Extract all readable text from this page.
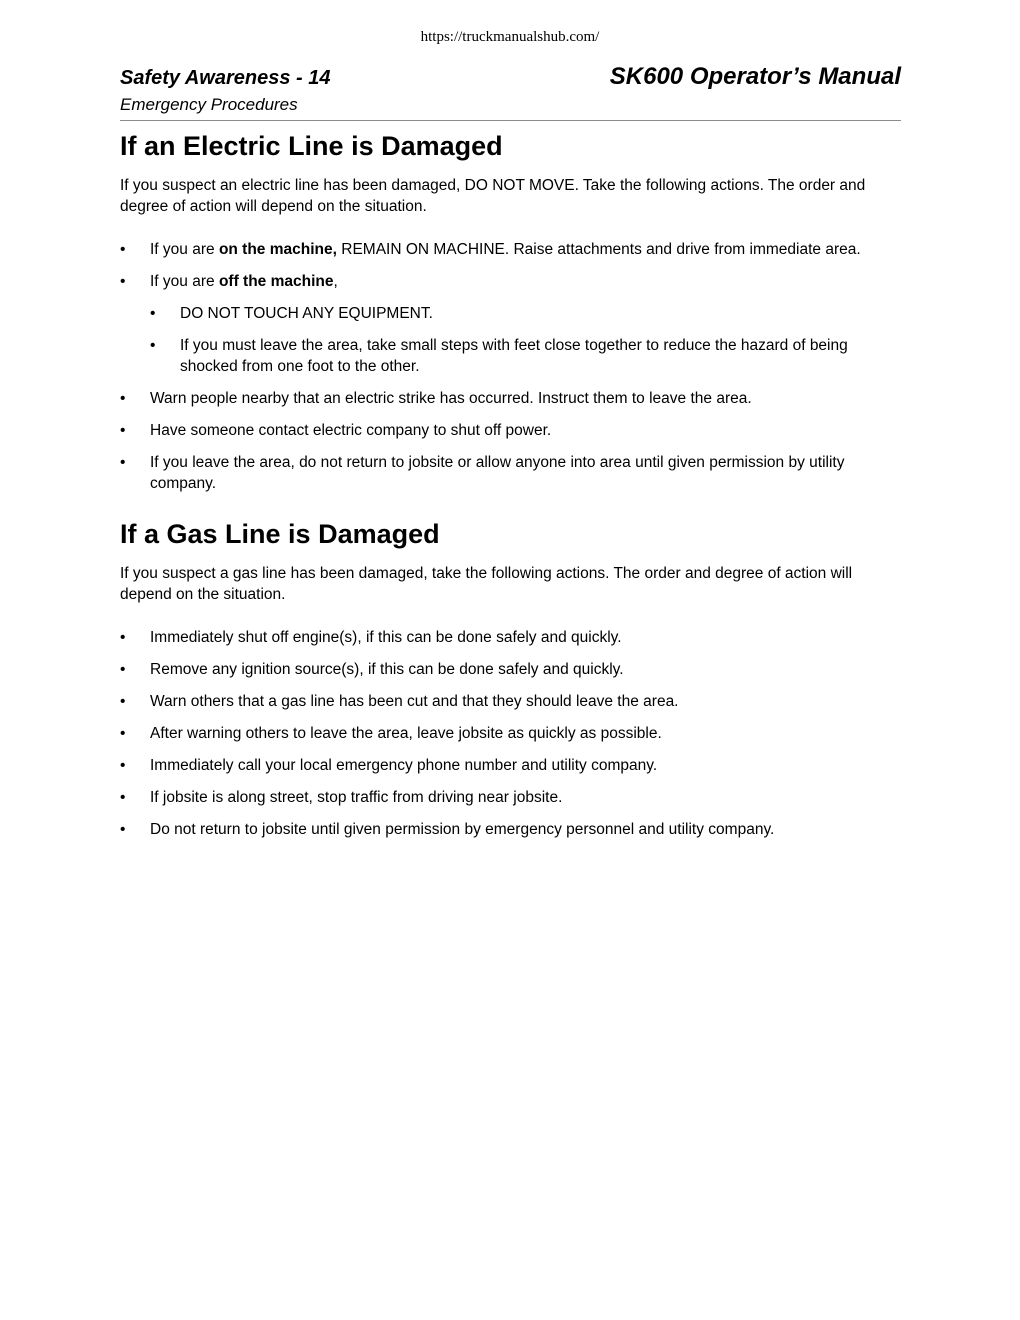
https://truckmanualshub.com/
Safety Awareness - 14	SK600 Operator’s Manual
Emergency Procedures
If an Electric Line is Damaged

If you suspect an electric line has been damaged, DO NOT MOVE. Take the following actions. The order and degree of action will depend on the situation.

• If you are on the machine, REMAIN ON MACHINE. Raise attachments and drive from immediate area.
• If you are off the machine,
• DO NOT TOUCH ANY EQUIPMENT.
• If you must leave the area, take small steps with feet close together to reduce the hazard of being shocked from one foot to the other.
• Warn people nearby that an electric strike has occurred. Instruct them to leave the area.
• Have someone contact electric company to shut off power.
• If you leave the area, do not return to jobsite or allow anyone into area until given permission by utility company.
If a Gas Line is Damaged

If you suspect a gas line has been damaged, take the following actions. The order and degree of action will depend on the situation.

• Immediately shut off engine(s), if this can be done safely and quickly.
• Remove any ignition source(s), if this can be done safely and quickly.
• Warn others that a gas line has been cut and that they should leave the area.
• After warning others to leave the area, leave jobsite as quickly as possible.
• Immediately call your local emergency phone number and utility company.
• If jobsite is along street, stop traffic from driving near jobsite.
• Do not return to jobsite until given permission by emergency personnel and utility company.
